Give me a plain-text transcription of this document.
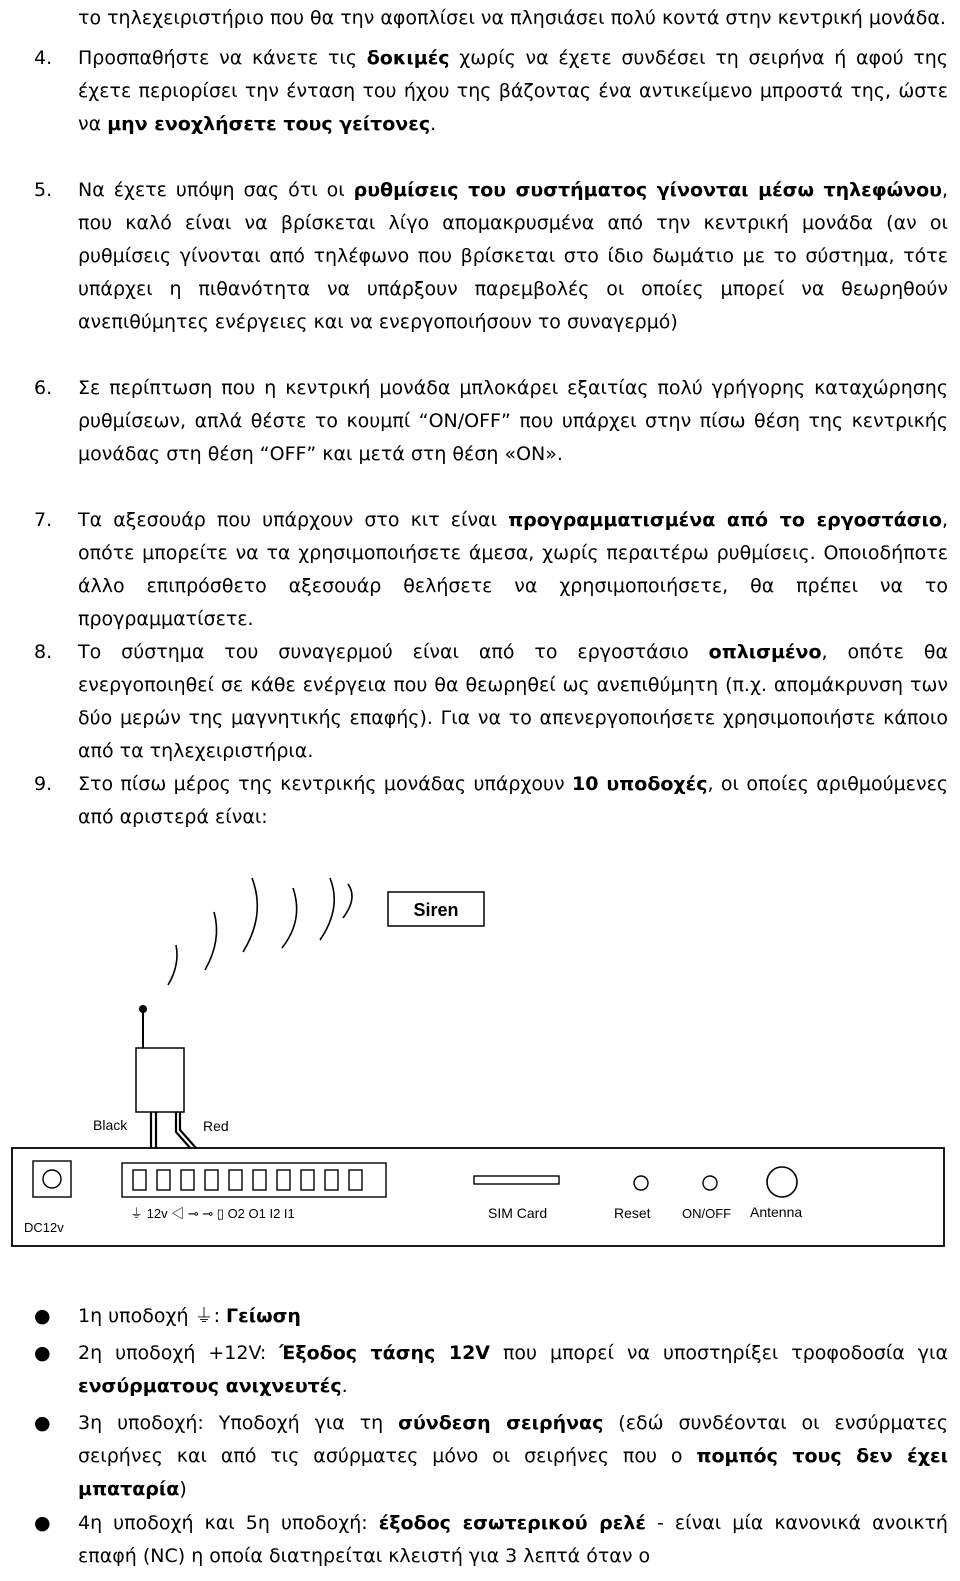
το τηλεχειριστήριο που θα την αφοπλίσει να πλησιάσει πολύ κοντά στην κεντρική μονάδα.
4.	Προσπαθήστε να κάνετε τις δοκιμές χωρίς να έχετε συνδέσει τη σειρήνα ή αφού της έχετε περιορίσει την ένταση του ήχου της βάζοντας ένα αντικείμενο μπροστά της, ώστε να μην ενοχλήσετε τους γείτονες.
5.	Να έχετε υπόψη σας ότι οι ρυθμίσεις του συστήματος γίνονται μέσω τηλεφώνου, που καλό είναι να βρίσκεται λίγο απομακρυσμένα από την κεντρική μονάδα (αν οι ρυθμίσεις γίνονται από τηλέφωνο που βρίσκεται στο ίδιο δωμάτιο με το σύστημα, τότε υπάρχει η πιθανότητα να υπάρξουν παρεμβολές οι οποίες μπορεί να θεωρηθούν ανεπιθύμητες ενέργειες και να ενεργοποιήσουν το συναγερμό)
6.	Σε περίπτωση που η κεντρική μονάδα μπλοκάρει εξαιτίας πολύ γρήγορης καταχώρησης ρυθμίσεων, απλά θέστε το κουμπί “ON/OFF” που υπάρχει στην πίσω θέση της κεντρικής μονάδας στη θέση “OFF” και μετά στη θέση «ON».
7.	Τα αξεσουάρ που υπάρχουν στο κιτ είναι προγραμματισμένα από το εργοστάσιο, οπότε μπορείτε να τα χρησιμοποιήσετε άμεσα, χωρίς περαιτέρω ρυθμίσεις. Οποιοδήποτε άλλο επιπρόσθετο αξεσουάρ θελήσετε να χρησιμοποιήσετε, θα πρέπει να το προγραμματίσετε.
8.	Το σύστημα του συναγερμού είναι από το εργοστάσιο οπλισμένο, οπότε θα ενεργοποιηθεί σε κάθε ενέργεια που θα θεωρηθεί ως ανεπιθύμητη (π.χ. απομάκρυνση των δύο μερών της μαγνητικής επαφής). Για να το απενεργοποιήσετε χρησιμοποιήστε κάποιο από τα τηλεχειριστήρια.
9.	Στο πίσω μέρος της κεντρικής μονάδας υπάρχουν 10 υποδοχές, οι οποίες αριθμούμενες από αριστερά είναι:
Siren
Black	Red
DC12v
⏚ 12v ◁ ⊸ ⊸ ▯ O2 O1 I2 I1	SIM Card	Reset ON/OFF Antenna
● 1η υποδοχή ⏚: Γείωση
● 2η υποδοχή +12V: Έξοδος τάσης 12V που μπορεί να υποστηρίξει τροφοδοσία για ενσύρματους ανιχνευτές.
● 3η υποδοχή: Υποδοχή για τη σύνδεση σειρήνας (εδώ συνδέονται οι ενσύρματες σειρήνες και από τις ασύρματες μόνο οι σειρήνες που ο πομπός τους δεν έχει μπαταρία)
● 4η υποδοχή και 5η υποδοχή: έξοδος εσωτερικού ρελέ - είναι μία κανονικά ανοικτή επαφή (NC) η οποία διατηρείται κλειστή για 3 λεπτά όταν ο
